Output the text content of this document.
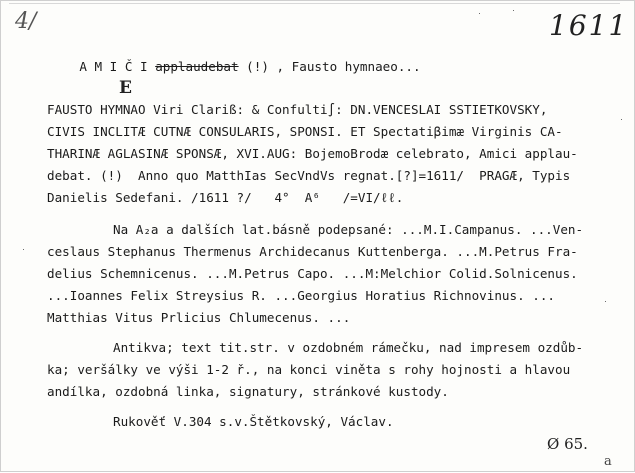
4/

A M I Č I applaudebat (!) , Fausto hymnaeo...

1611
E
FAUSTO HYMNAO Viri Clariß: & Confulti∫: DN.VENCESLAI SSTIETKOVSKY,
CIVIS INCLITÆ CUTNÆ CONSULARIS, SPONSI. ET Spectatiβimæ Virginis CA-
THARINÆ AGLASINÆ SPONSÆ, XVI.AUG: BojemoBrodæ celebrato, Amici applau-
debat. (!)  Anno quo MatthIas SecVndVs regnat.[?]=1611/  PRAGÆ, Typis
Danielis Sedefani. /1611 ?/   4°  A⁶   /=VI/ℓℓ.
Na A₂a a dalších lat.básně podepsané: ...M.I.Campanus. ...Ven-
ceslaus Stephanus Thermenus Archidecanus Kuttenberga. ...M.Petrus Fra-
delius Schemnicenus. ...M.Petrus Capo. ...M:Melchior Colid.Solnicenus.
...Ioannes Felix Streysius R. ...Georgius Horatius Richnovinus. ...
Matthias Vitus Prlicius Chlumecenus. ...
Antikva; text tit.str. v ozdobném rámečku, nad impresem ozdůb-
ka; veršálky ve výši 1-2 ř., na konci viněta s rohy hojnosti a hlavou
andílka, ozdobná linka, signatury, stránkové kustody.
Rukověť V.304 s.v.Štětkovský, Václav.
Ø 65.
a
